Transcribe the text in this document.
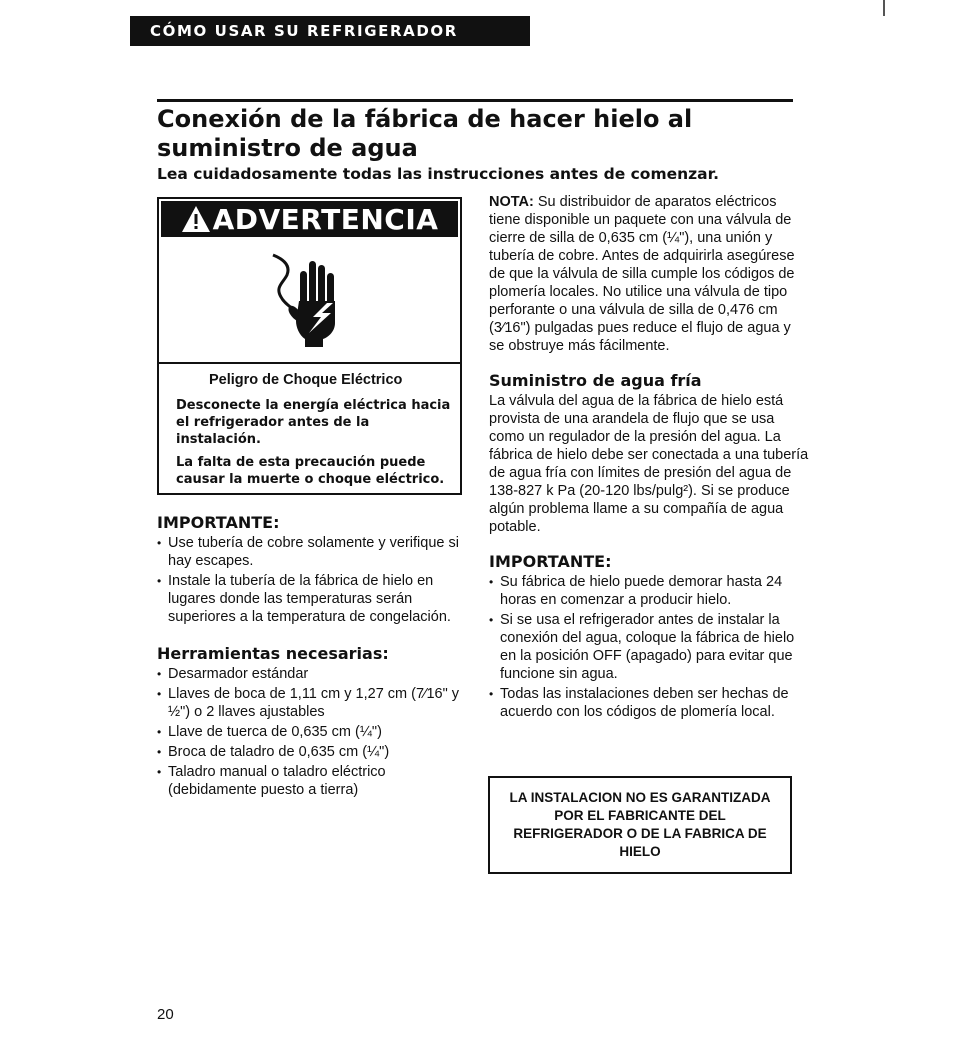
CÓMO USAR SU REFRIGERADOR
Conexión de la fábrica de hacer hielo al suministro de agua

Lea cuidadosamente todas las instrucciones antes de comenzar.

ADVERTENCIA
Peligro de Choque Eléctrico

Desconecte la energía eléctrica hacia el refrigerador antes de la instalación.

La falta de esta precaución puede causar la muerte o choque eléctrico.

IMPORTANTE:
• Use tubería de cobre solamente y verifique si hay escapes.
• Instale la tubería de la fábrica de hielo en lugares donde las temperaturas serán superiores a la temperatura de congelación.
Herramientas necesarias:
• Desarmador estándar
• Llaves de boca de 1,11 cm y 1,27 cm (7⁄16" y ½") o 2 llaves ajustables
• Llave de tuerca de 0,635 cm (¼")
• Broca de taladro de 0,635 cm (¼")
• Taladro manual o taladro eléctrico (debidamente puesto a tierra)

NOTA: Su distribuidor de aparatos eléctricos tiene disponible un paquete con una válvula de cierre de silla de 0,635 cm (¼"), una unión y tubería de cobre. Antes de adquirirla asegúrese de que la válvula de silla cumple los códigos de plomería locales. No utilice una válvula de tipo perforante o una válvula de silla de 0,476 cm (3⁄16") pulgadas pues reduce el flujo de agua y se obstruye más fácilmente.

Suministro de agua fría

La válvula del agua de la fábrica de hielo está provista de una arandela de flujo que se usa como un regulador de la presión del agua. La fábrica de hielo debe ser conectada a una tubería de agua fría con límites de presión del agua de 138-827 k Pa (20-120 lbs/pulg²). Si se produce algún problema llame a su compañía de agua potable.

IMPORTANTE:
• Su fábrica de hielo puede demorar hasta 24 horas en comenzar a producir hielo.
• Si se usa el refrigerador antes de instalar la conexión del agua, coloque la fábrica de hielo en la posición OFF (apagado) para evitar que funcione sin agua.
• Todas las instalaciones deben ser hechas de acuerdo con los códigos de plomería local.

LA INSTALACION NO ES GARANTIZADA POR EL FABRICANTE DEL REFRIGERADOR O DE LA FABRICA DE HIELO

20
